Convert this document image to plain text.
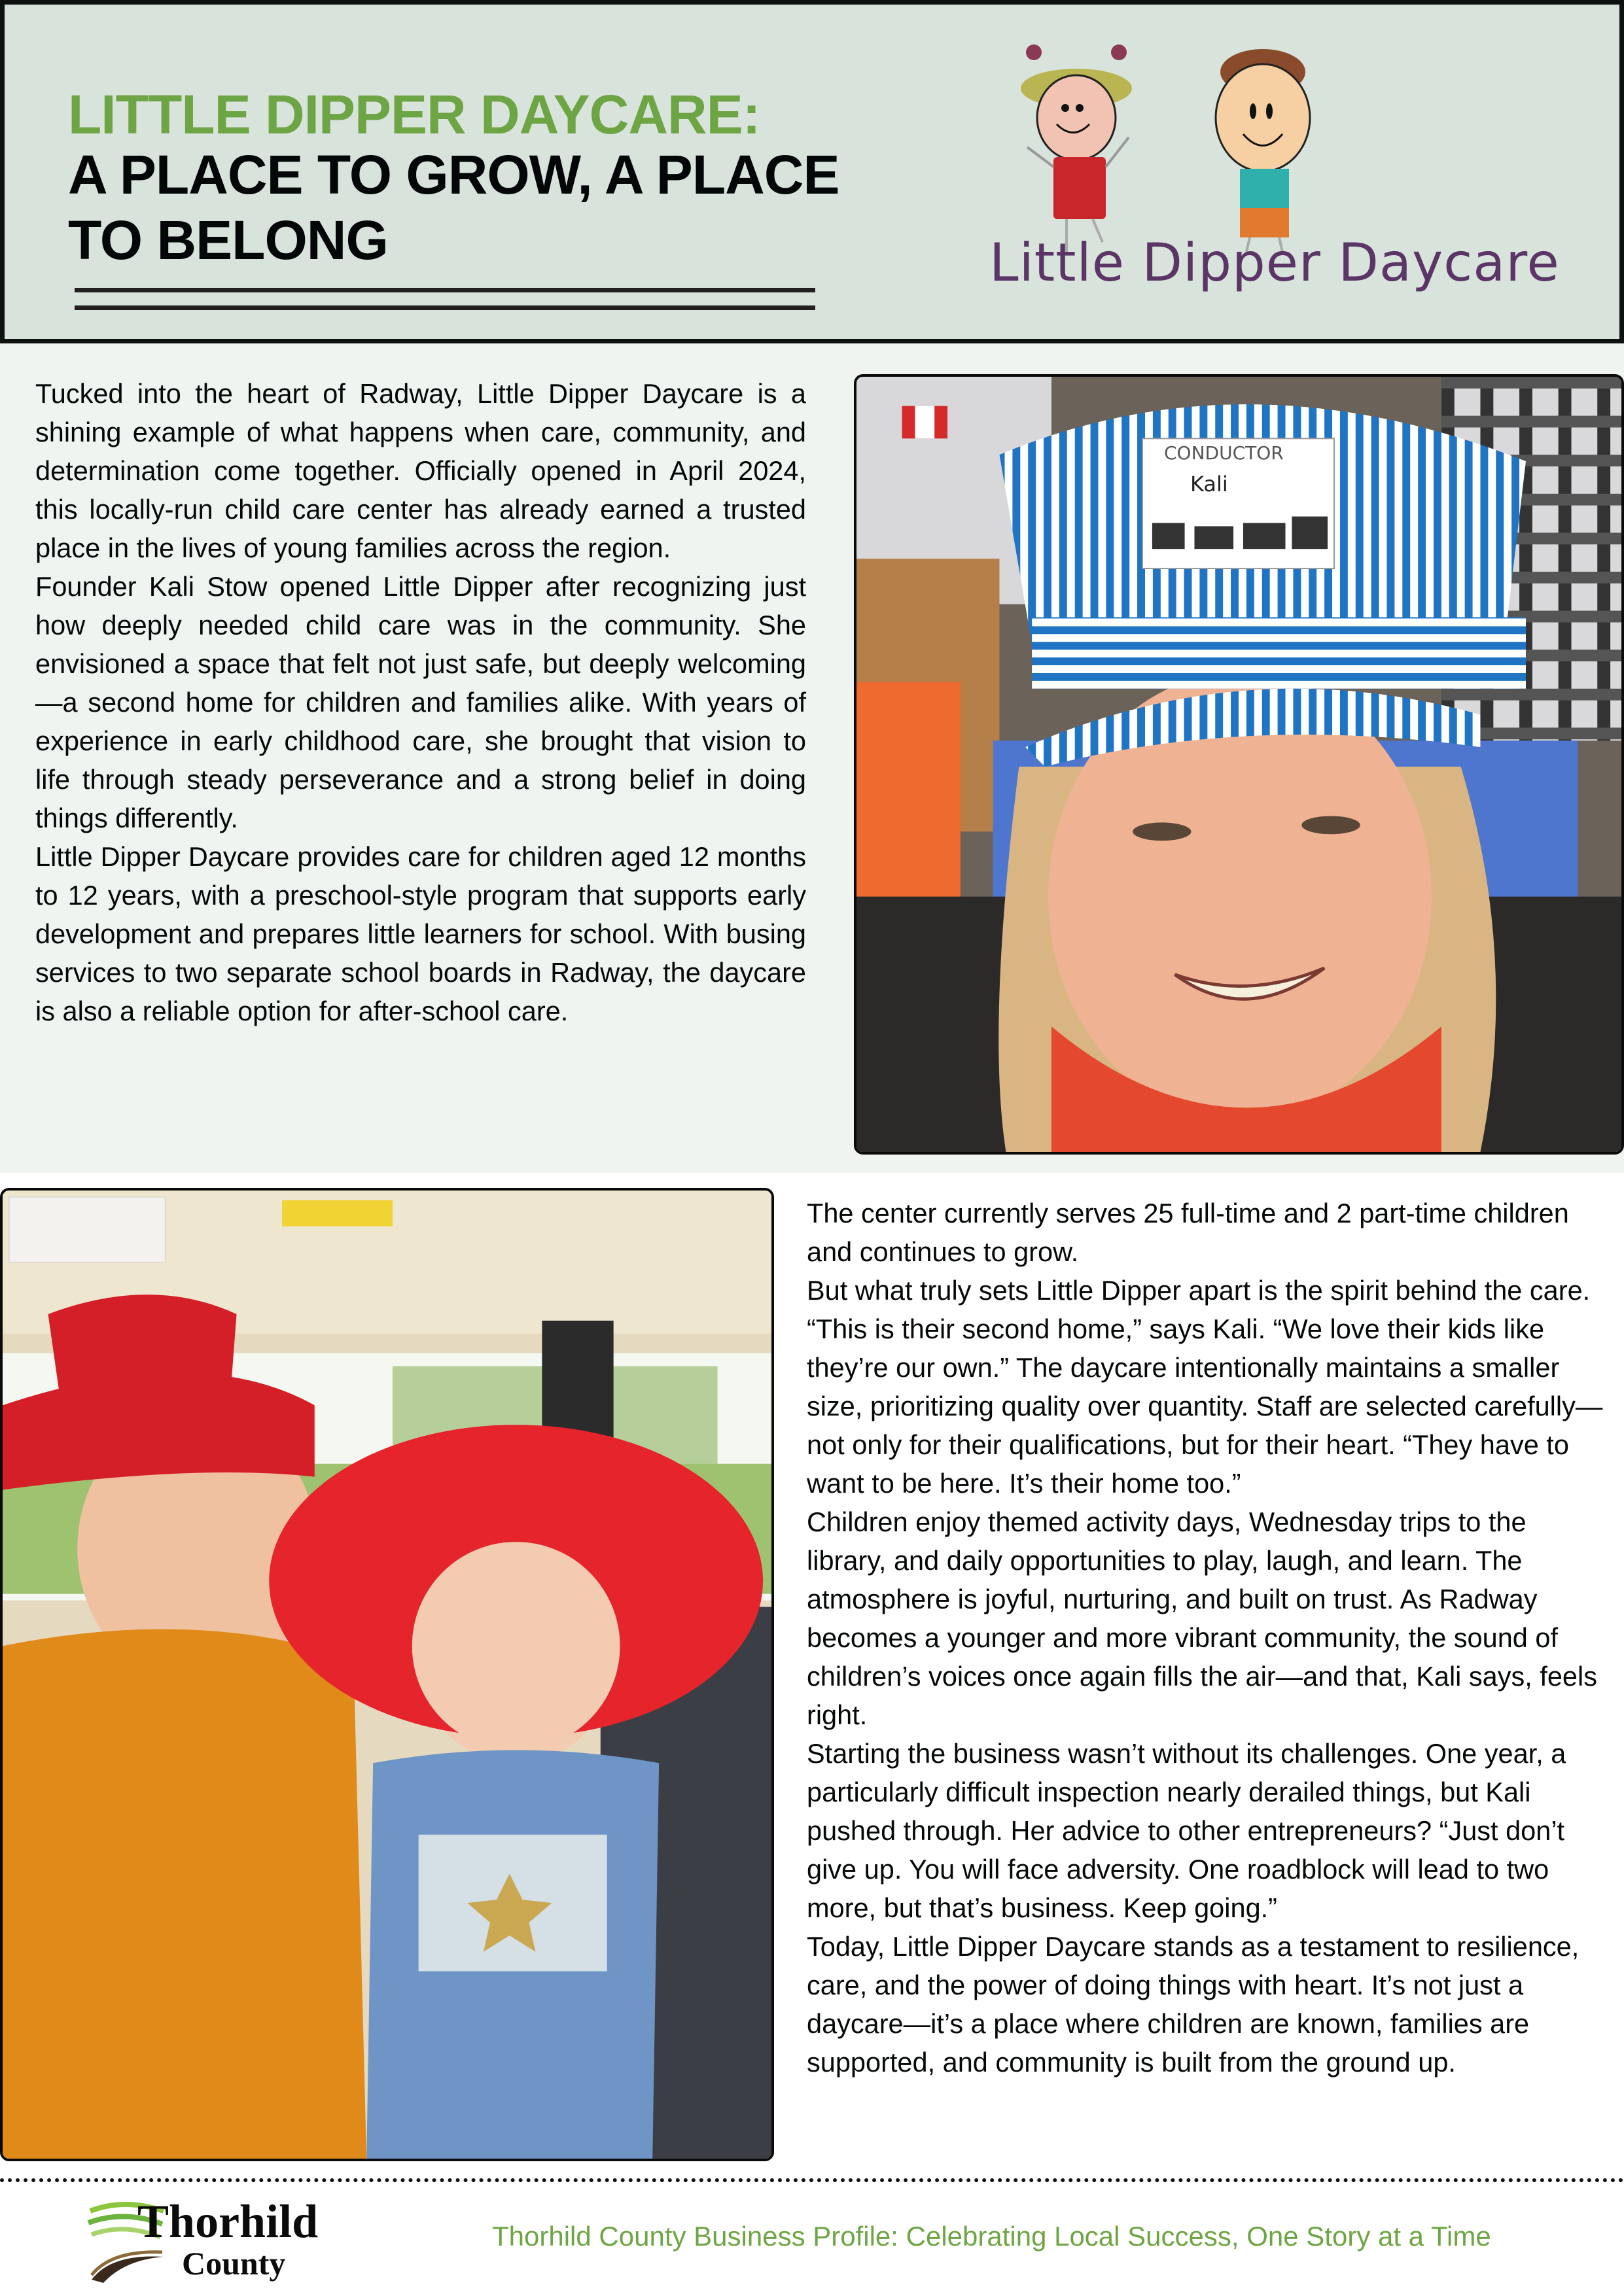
LITTLE DIPPER DAYCARE:
A PLACE TO GROW, A PLACE TO BELONG	Little Dipper Daycare

Tucked into the heart of Radway, Little Dipper Daycare is a shining example of what happens when care, community, and determination come together. Officially opened in April 2024, this locally-run child care center has already earned a trusted place in the lives of young families across the region.

Founder Kali Stow opened Little Dipper after recognizing just how deeply needed child care was in the community. She envisioned a space that felt not just safe, but deeply welcoming—a second home for children and families alike. With years of experience in early childhood care, she brought that vision to life through steady perseverance and a strong belief in doing things differently.

Little Dipper Daycare provides care for children aged 12 months to 12 years, with a preschool-style program that supports early development and prepares little learners for school. With busing services to two separate school boards in Radway, the daycare is also a reliable option for after-school care.

CONDUCTOR
Kali

The center currently serves 25 full-time and 2 part-time children and continues to grow.

But what truly sets Little Dipper apart is the spirit behind the care. “This is their second home,” says Kali. “We love their kids like they’re our own.” The daycare intentionally maintains a smaller size, prioritizing quality over quantity. Staff are selected carefully—not only for their qualifications, but for their heart. “They have to want to be here. It’s their home too.”

Children enjoy themed activity days, Wednesday trips to the library, and daily opportunities to play, laugh, and learn. The atmosphere is joyful, nurturing, and built on trust. As Radway becomes a younger and more vibrant community, the sound of children’s voices once again fills the air—and that, Kali says, feels right.

Starting the business wasn’t without its challenges. One year, a particularly difficult inspection nearly derailed things, but Kali pushed through. Her advice to other entrepreneurs? “Just don’t give up. You will face adversity. One roadblock will lead to two more, but that’s business. Keep going.”

Today, Little Dipper Daycare stands as a testament to resilience, care, and the power of doing things with heart. It’s not just a daycare—it’s a place where children are known, families are supported, and community is built from the ground up.

Thorhild
County
Thorhild County Business Profile: Celebrating Local Success, One Story at a Time
